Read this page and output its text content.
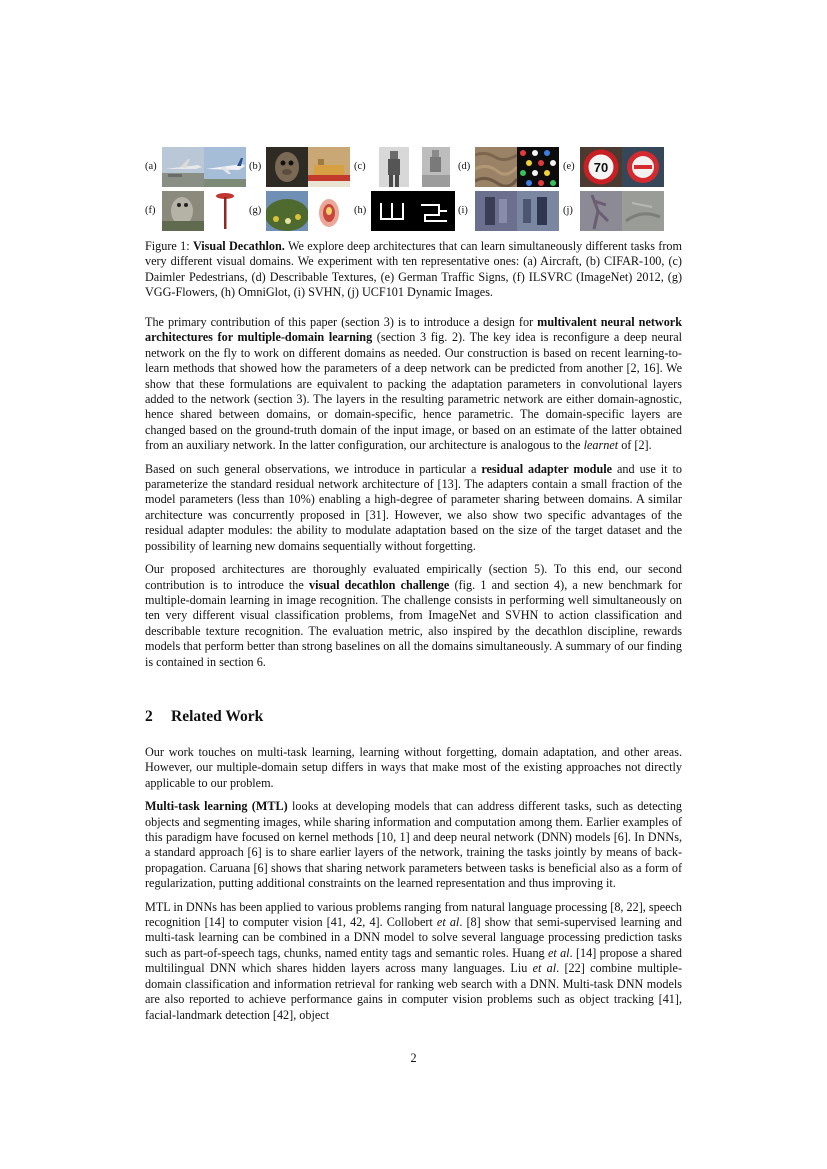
(a)	(b)	(c)	(d)	(e) 70
(f)	(g)	(h)	(i)	(j)
Figure 1: Visual Decathlon. We explore deep architectures that can learn simultaneously different tasks from very different visual domains. We experiment with ten representative ones: (a) Aircraft, (b) CIFAR-100, (c) Daimler Pedestrians, (d) Describable Textures, (e) German Traffic Signs, (f) ILSVRC (ImageNet) 2012, (g) VGG-Flowers, (h) OmniGlot, (i) SVHN, (j) UCF101 Dynamic Images.

The primary contribution of this paper (section 3) is to introduce a design for multivalent neural network architectures for multiple-domain learning (section 3 fig. 2). The key idea is reconfigure a deep neural network on the fly to work on different domains as needed. Our construction is based on recent learning-to-learn methods that showed how the parameters of a deep network can be predicted from another [2, 16]. We show that these formulations are equivalent to packing the adaptation parameters in convolutional layers added to the network (section 3). The layers in the resulting parametric network are either domain-agnostic, hence shared between domains, or domain-specific, hence parametric. The domain-specific layers are changed based on the ground-truth domain of the input image, or based on an estimate of the latter obtained from an auxiliary network. In the latter configuration, our architecture is analogous to the learnet of [2].

Based on such general observations, we introduce in particular a residual adapter module and use it to parameterize the standard residual network architecture of [13]. The adapters contain a small fraction of the model parameters (less than 10%) enabling a high-degree of parameter sharing between domains. A similar architecture was concurrently proposed in [31]. However, we also show two specific advantages of the residual adapter modules: the ability to modulate adaptation based on the size of the target dataset and the possibility of learning new domains sequentially without forgetting.

Our proposed architectures are thoroughly evaluated empirically (section 5). To this end, our second contribution is to introduce the visual decathlon challenge (fig. 1 and section 4), a new benchmark for multiple-domain learning in image recognition. The challenge consists in performing well simultaneously on ten very different visual classification problems, from ImageNet and SVHN to action classification and describable texture recognition. The evaluation metric, also inspired by the decathlon discipline, rewards models that perform better than strong baselines on all the domains simultaneously. A summary of our finding is contained in section 6.

2 Related Work

Our work touches on multi-task learning, learning without forgetting, domain adaptation, and other areas. However, our multiple-domain setup differs in ways that make most of the existing approaches not directly applicable to our problem.

Multi-task learning (MTL) looks at developing models that can address different tasks, such as detecting objects and segmenting images, while sharing information and computation among them. Earlier examples of this paradigm have focused on kernel methods [10, 1] and deep neural network (DNN) models [6]. In DNNs, a standard approach [6] is to share earlier layers of the network, training the tasks jointly by means of back-propagation. Caruana [6] shows that sharing network parameters between tasks is beneficial also as a form of regularization, putting additional constraints on the learned representation and thus improving it.

MTL in DNNs has been applied to various problems ranging from natural language processing [8, 22], speech recognition [14] to computer vision [41, 42, 4]. Collobert et al. [8] show that semi-supervised learning and multi-task learning can be combined in a DNN model to solve several language processing prediction tasks such as part-of-speech tags, chunks, named entity tags and semantic roles. Huang et al. [14] propose a shared multilingual DNN which shares hidden layers across many languages. Liu et al. [22] combine multiple-domain classification and information retrieval for ranking web search with a DNN. Multi-task DNN models are also reported to achieve performance gains in computer vision problems such as object tracking [41], facial-landmark detection [42], object

2
